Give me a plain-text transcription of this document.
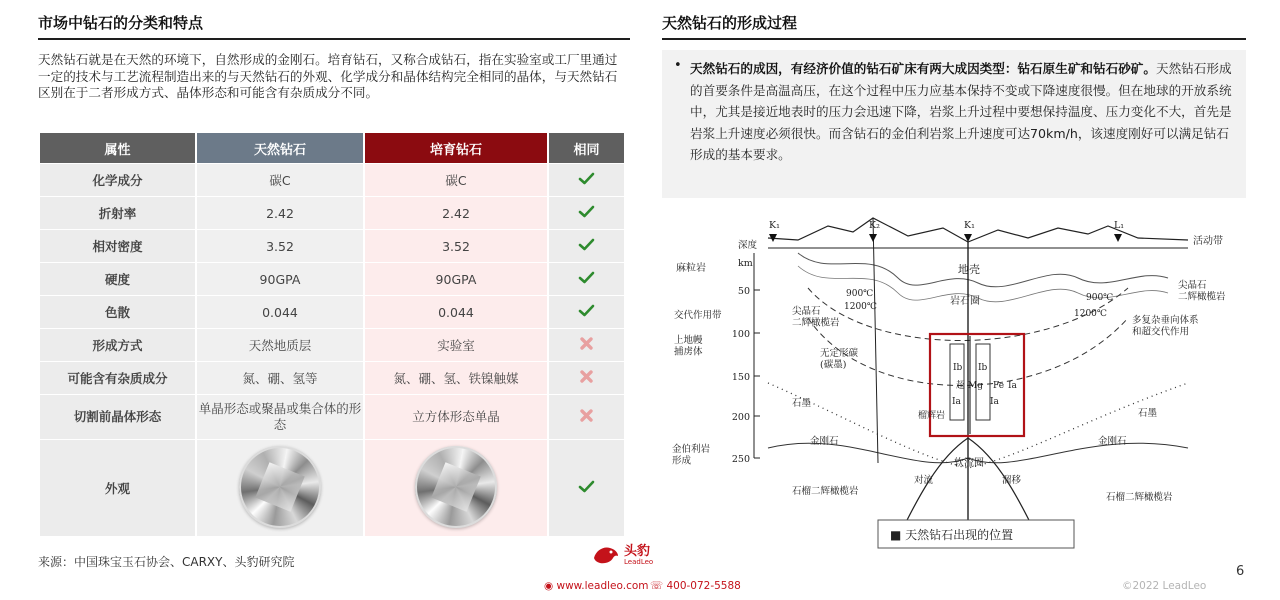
市场中钻石的分类和特点
天然钻石就是在天然的环境下，自然形成的金刚石。培育钻石，又称合成钻石，指在实验室或工厂里通过一定的技术与工艺流程制造出来的与天然钻石的外观、化学成分和晶体结构完全相同的晶体，与天然钻石区别在于二者形成方式、晶体形态和可能含有杂质成分不同。
属性	天然钻石	培育钻石	相同
化学成分	碳C	碳C	
折射率	2.42	2.42	
相对密度	3.52	3.52	
硬度	90GPA	90GPA	
色散	0.044	0.044	
形成方式	天然地质层	实验室	
可能含有杂质成分	氮、硼、氢等	氮、硼、氢、铁镍触媒	
切割前晶体形态	单晶形态或聚晶或集合体的形态	立方体形态单晶	
外观			
来源：中国珠宝玉石协会、CARXY、头豹研究院
天然钻石的形成过程
• 天然钻石的成因，有经济价值的钻石矿床有两大成因类型：钻石原生矿和钻石砂矿。天然钻石形成的首要条件是高温高压，在这个过程中压力应基本保持不变或下降速度很慢。但在地球的开放系统中，尤其是接近地表时的压力会迅速下降，岩浆上升过程中要想保持温度、压力变化不大，首先是岩浆上升速度必须很快。而含钻石的金伯利岩浆上升速度可达70km/h，该速度刚好可以满足钻石形成的基本要求。

50
100
150
200
250
深度
km
K₁	K₂	K₁	L₁
活动带
麻粒岩	地壳
900℃
1200℃
900℃
1200℃
岩石圈
尖晶石二辉橄榄岩
尖晶石二辉橄榄岩
交代作用带
上地幔捕虏体
多复杂垂向体系和超交代作用
无定形碳(碳墨)
石墨
石墨
金刚石	金刚石
金伯利岩形成	软流圈
对流	溜移
石榴二辉橄榄岩
石榴二辉橄榄岩
Ib Ib
超 Mg Fe Ia
Ia	Ia
榴辉岩
■ 天然钻石出现的位置
头豹
LeadLeo
◉ www.leadleo.com ☏ 400-072-5588	©2022 LeadLeo
6
